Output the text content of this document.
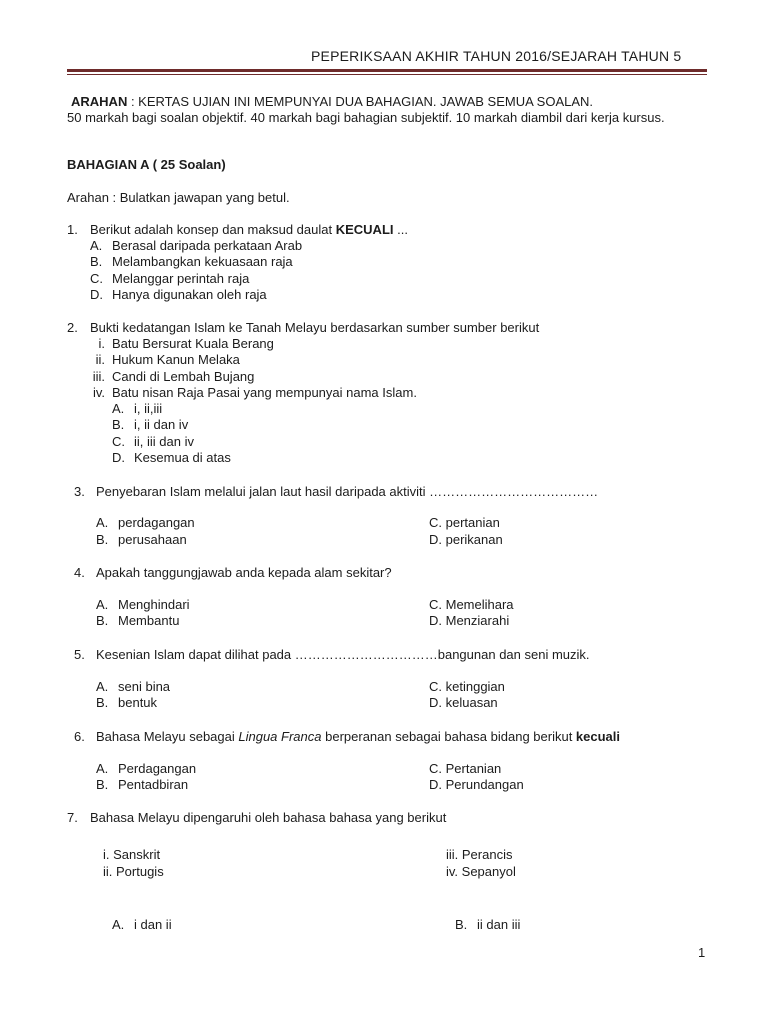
PEPERIKSAAN AKHIR TAHUN 2016/SEJARAH TAHUN 5
ARAHAN : KERTAS UJIAN INI MEMPUNYAI DUA BAHAGIAN. JAWAB SEMUA SOALAN.
50 markah bagi soalan objektif. 40 markah bagi bahagian subjektif. 10 markah diambil dari kerja kursus.
BAHAGIAN A ( 25 Soalan)
Arahan : Bulatkan jawapan yang betul.
1. Berikut adalah konsep dan maksud daulat KECUALI ...
A. Berasal daripada perkataan Arab
B. Melambangkan kekuasaan raja
C. Melanggar perintah raja
D. Hanya digunakan oleh raja
2. Bukti kedatangan Islam ke Tanah Melayu berdasarkan sumber sumber berikut
i. Batu Bersurat Kuala Berang
ii. Hukum Kanun Melaka
iii. Candi di Lembah Bujang
iv. Batu nisan Raja Pasai yang mempunyai nama Islam.
A. i, ii,iii
B. i, ii dan iv
C. ii, iii dan iv
D. Kesemua di atas
3. Penyebaran Islam melalui jalan laut hasil daripada aktiviti …………………………………
A. perdagangan
B. perusahaan
C. pertanian
D. perikanan
4. Apakah tanggungjawab anda kepada alam sekitar?
A. Menghindari
B. Membantu
C. Memelihara
D. Menziarahi
5. Kesenian Islam dapat dilihat pada ……………………………bangunan dan seni muzik.
A. seni bina
B. bentuk
C. ketinggian
D. keluasan
6. Bahasa Melayu sebagai Lingua Franca berperanan sebagai bahasa bidang berikut kecuali
A. Perdagangan
B. Pentadbiran
C. Pertanian
D. Perundangan
7. Bahasa Melayu dipengaruhi oleh bahasa bahasa yang berikut
i. Sanskrit
ii. Portugis
iii. Perancis
iv. Sepanyol
A. i dan ii	B. ii dan iii
1
